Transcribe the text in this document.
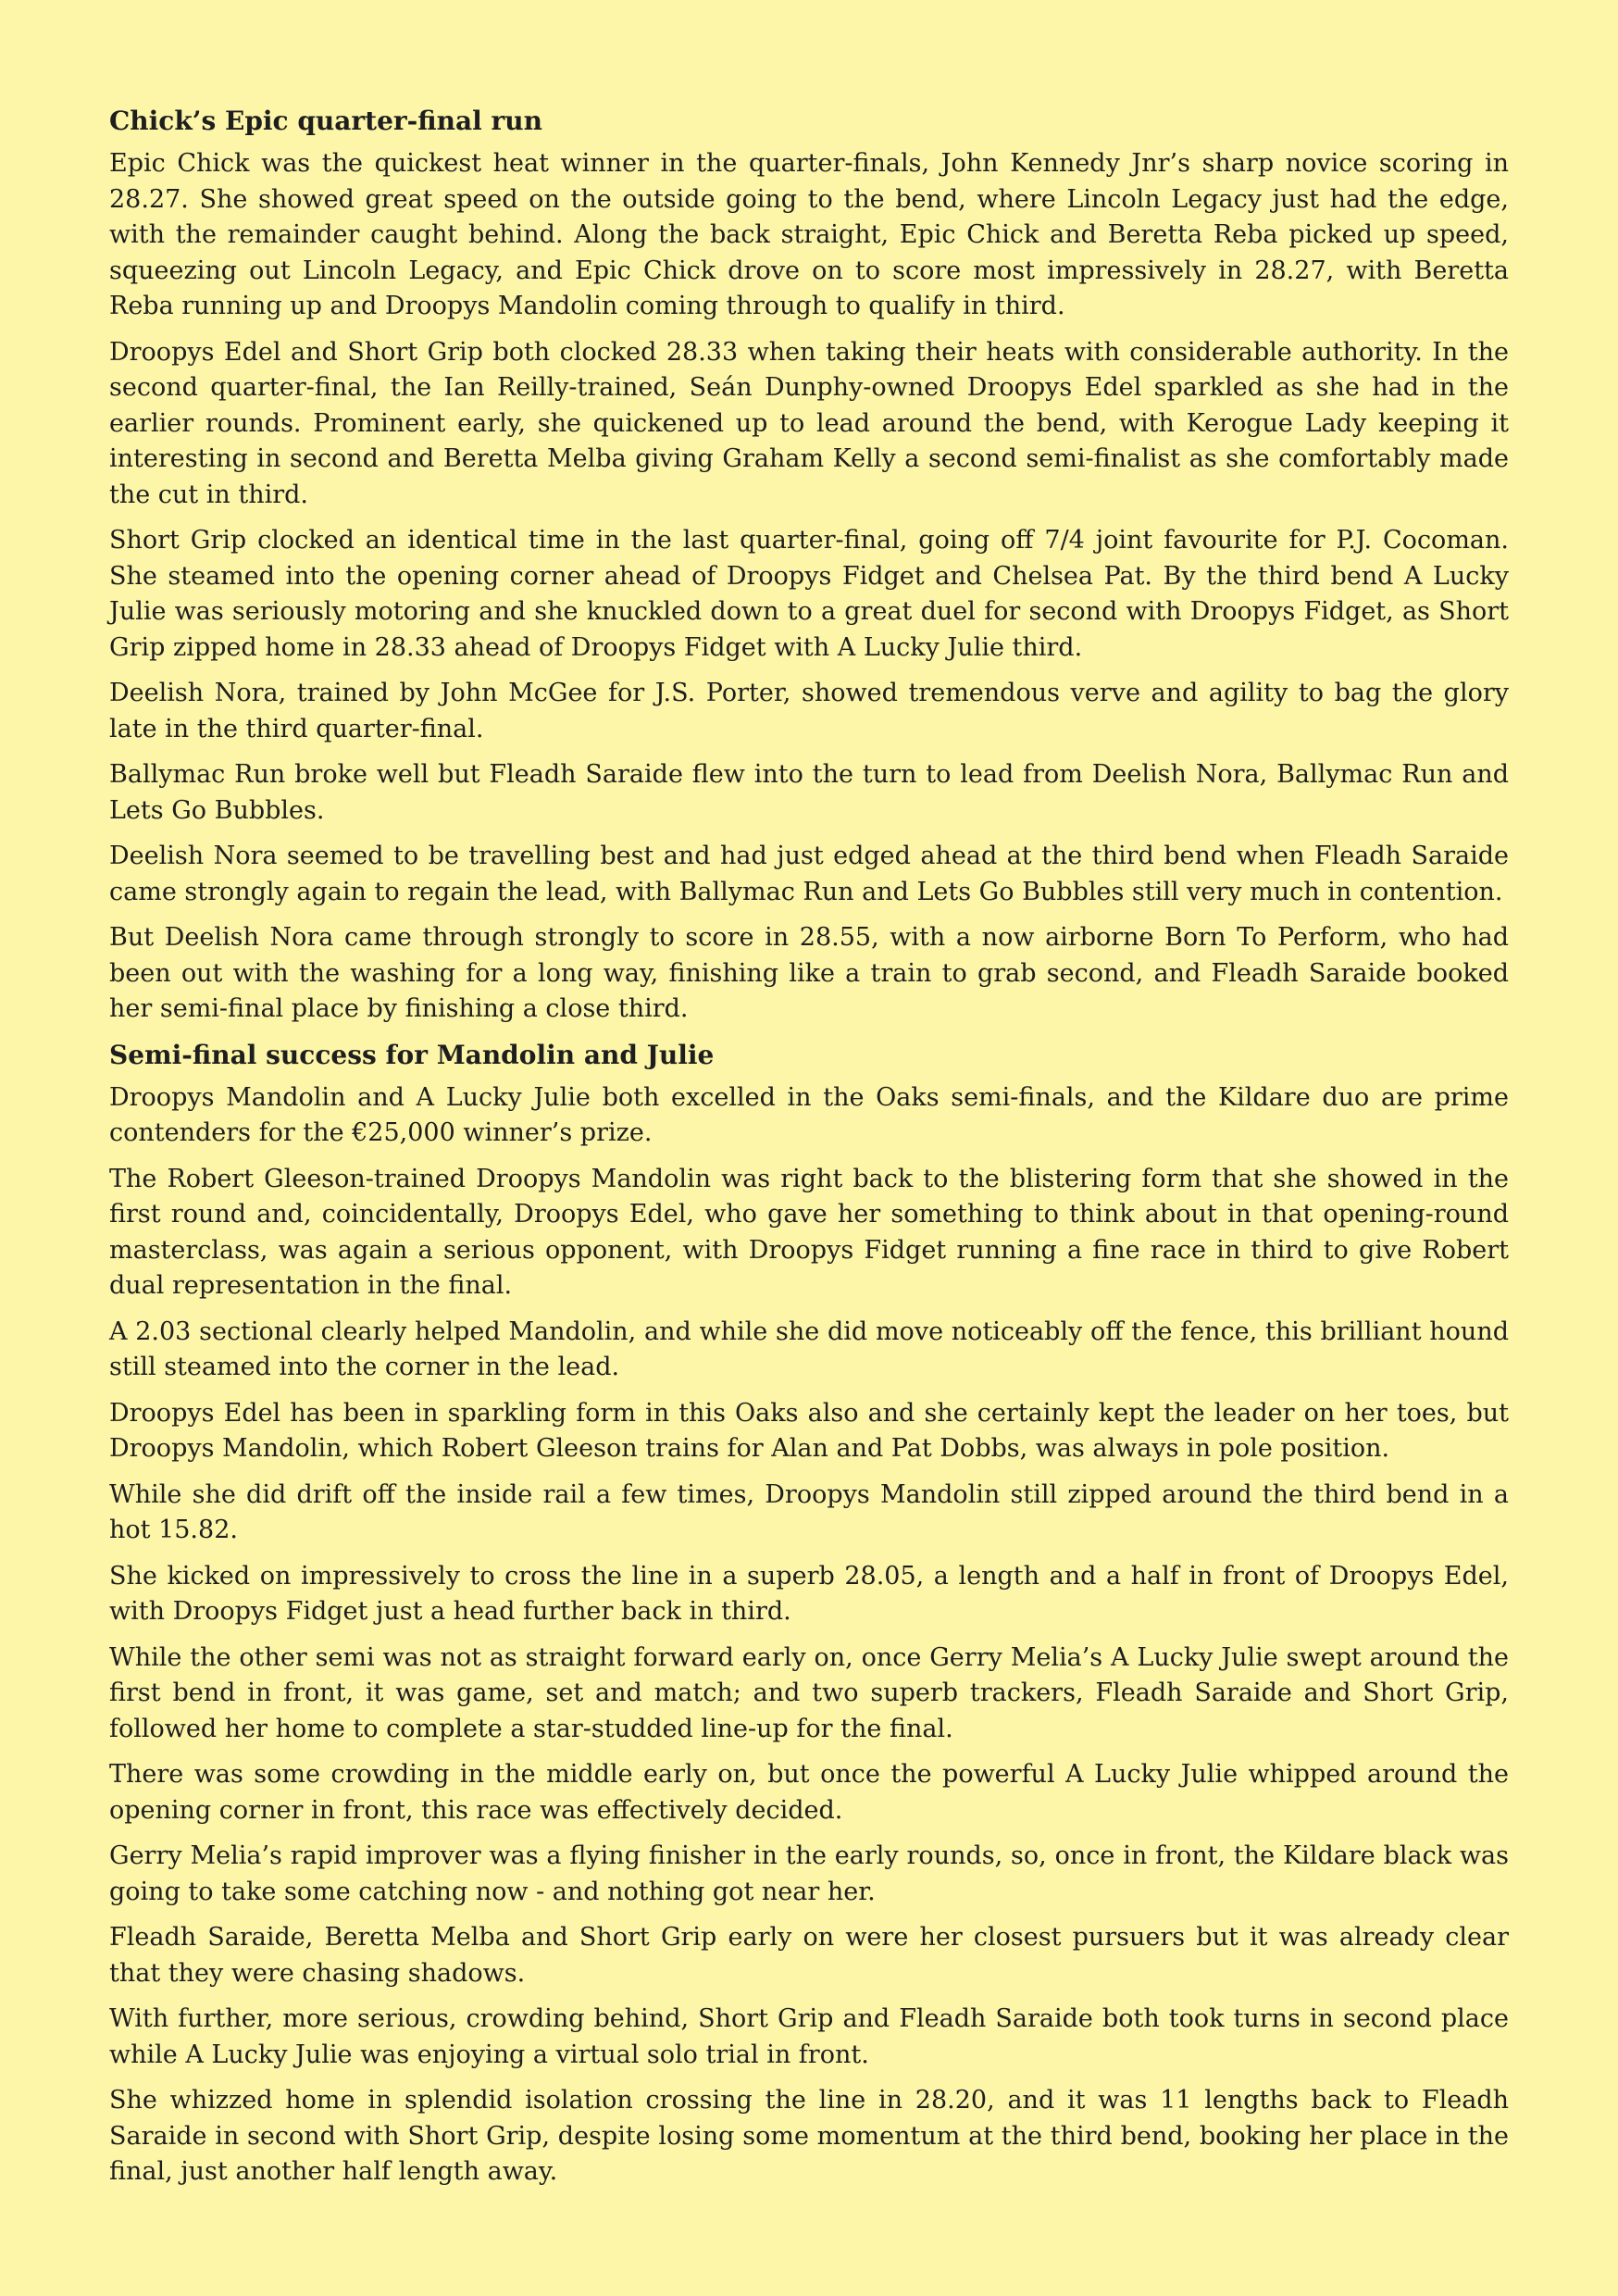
Chick’s Epic quarter-final run

Epic Chick was the quickest heat winner in the quarter-finals, John Kennedy Jnr’s sharp novice scoring in 28.27. She showed great speed on the outside going to the bend, where Lincoln Legacy just had the edge, with the remainder caught behind. Along the back straight, Epic Chick and Beretta Reba picked up speed, squeezing out Lincoln Legacy, and Epic Chick drove on to score most impressively in 28.27, with Beretta Reba running up and Droopys Mandolin coming through to qualify in third.

Droopys Edel and Short Grip both clocked 28.33 when taking their heats with considerable authority. In the second quarter-final, the Ian Reilly-trained, Seán Dunphy-owned Droopys Edel sparkled as she had in the earlier rounds. Prominent early, she quickened up to lead around the bend, with Kerogue Lady keeping it interesting in second and Beretta Melba giving Graham Kelly a second semi-finalist as she comfortably made the cut in third.

Short Grip clocked an identical time in the last quarter-final, going off 7/4 joint favourite for P.J. Cocoman. She steamed into the opening corner ahead of Droopys Fidget and Chelsea Pat. By the third bend A Lucky Julie was seriously motoring and she knuckled down to a great duel for second with Droopys Fidget, as Short Grip zipped home in 28.33 ahead of Droopys Fidget with A Lucky Julie third.

Deelish Nora, trained by John McGee for J.S. Porter, showed tremendous verve and agility to bag the glory late in the third quarter-final.

Ballymac Run broke well but Fleadh Saraide flew into the turn to lead from Deelish Nora, Ballymac Run and Lets Go Bubbles.

Deelish Nora seemed to be travelling best and had just edged ahead at the third bend when Fleadh Saraide came strongly again to regain the lead, with Ballymac Run and Lets Go Bubbles still very much in contention.

But Deelish Nora came through strongly to score in 28.55, with a now airborne Born To Perform, who had been out with the washing for a long way, finishing like a train to grab second, and Fleadh Saraide booked her semi-final place by finishing a close third.

Semi-final success for Mandolin and Julie

Droopys Mandolin and A Lucky Julie both excelled in the Oaks semi-finals, and the Kildare duo are prime contenders for the €25,000 winner’s prize.

The Robert Gleeson-trained Droopys Mandolin was right back to the blistering form that she showed in the first round and, coincidentally, Droopys Edel, who gave her something to think about in that opening-round masterclass, was again a serious opponent, with Droopys Fidget running a fine race in third to give Robert dual representation in the final.

A 2.03 sectional clearly helped Mandolin, and while she did move noticeably off the fence, this brilliant hound still steamed into the corner in the lead.

Droopys Edel has been in sparkling form in this Oaks also and she certainly kept the leader on her toes, but Droopys Mandolin, which Robert Gleeson trains for Alan and Pat Dobbs, was always in pole position.

While she did drift off the inside rail a few times, Droopys Mandolin still zipped around the third bend in a hot 15.82.

She kicked on impressively to cross the line in a superb 28.05, a length and a half in front of Droopys Edel, with Droopys Fidget just a head further back in third.

While the other semi was not as straight forward early on, once Gerry Melia’s A Lucky Julie swept around the first bend in front, it was game, set and match; and two superb trackers, Fleadh Saraide and Short Grip, followed her home to complete a star-studded line-up for the final.

There was some crowding in the middle early on, but once the powerful A Lucky Julie whipped around the opening corner in front, this race was effectively decided.

Gerry Melia’s rapid improver was a flying finisher in the early rounds, so, once in front, the Kildare black was going to take some catching now - and nothing got near her.

Fleadh Saraide, Beretta Melba and Short Grip early on were her closest pursuers but it was already clear that they were chasing shadows.

With further, more serious, crowding behind, Short Grip and Fleadh Saraide both took turns in second place while A Lucky Julie was enjoying a virtual solo trial in front.

She whizzed home in splendid isolation crossing the line in 28.20, and it was 11 lengths back to Fleadh Saraide in second with Short Grip, despite losing some momentum at the third bend, booking her place in the final, just another half length away.
